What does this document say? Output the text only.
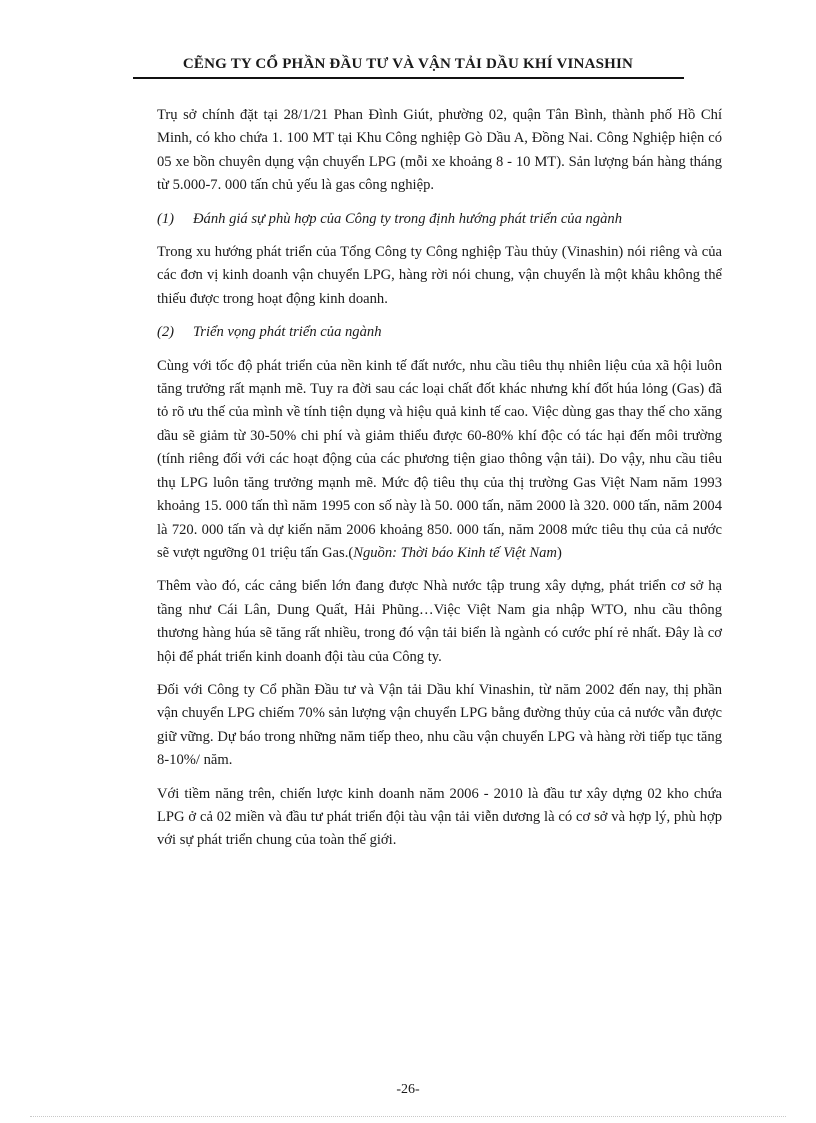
CẼNG TY CỔ PHẦN ĐẦU TƯ VÀ VẬN TẢI DẦU KHÍ VINASHIN

Trụ sở chính đặt tại 28/1/21 Phan Đình Giút, phường 02, quận Tân Bình, thành phố Hồ Chí Minh, có kho chứa 1. 100 MT tại Khu Công nghiệp Gò Dầu A, Đồng Nai. Công Nghiệp hiện có 05 xe bồn chuyên dụng vận chuyển LPG (mỗi xe khoảng 8 - 10 MT). Sản lượng bán hàng tháng từ 5.000-7. 000 tấn chủ yếu là gas công nghiệp.

(1) Đánh giá sự phù hợp của Công ty trong định hướng phát triển của ngành

Trong xu hướng phát triển của Tổng Công ty Công nghiệp Tàu thủy (Vinashin) nói riêng và của các đơn vị kinh doanh vận chuyển LPG, hàng rời nói chung, vận chuyển là một khâu không thể thiếu được trong hoạt động kinh doanh.

(2) Triển vọng phát triển của ngành

Cùng với tốc độ phát triển của nền kinh tế đất nước, nhu cầu tiêu thụ nhiên liệu của xã hội luôn tăng trưởng rất mạnh mẽ. Tuy ra đời sau các loại chất đốt khác nhưng khí đốt húa lỏng (Gas) đã tỏ rõ ưu thế của mình về tính tiện dụng và hiệu quả kinh tế cao. Việc dùng gas thay thế cho xăng dầu sẽ giảm từ 30-50% chi phí và giảm thiểu được 60-80% khí độc có tác hại đến môi trường (tính riêng đối với các hoạt động của các phương tiện giao thông vận tải). Do vậy, nhu cầu tiêu thụ LPG luôn tăng trưởng mạnh mẽ. Mức độ tiêu thụ của thị trường Gas Việt Nam năm 1993 khoảng 15. 000 tấn thì năm 1995 con số này là 50. 000 tấn, năm 2000 là 320. 000 tấn, năm 2004 là 720. 000 tấn và dự kiến năm 2006 khoảng 850. 000 tấn, năm 2008 mức tiêu thụ của cả nước sẽ vượt ngưỡng 01 triệu tấn Gas.(Nguồn: Thời báo Kinh tế Việt Nam)

Thêm vào đó, các cảng biển lớn đang được Nhà nước tập trung xây dựng, phát triển cơ sở hạ tầng như Cái Lân, Dung Quất, Hải Phũng…Việc Việt Nam gia nhập WTO, nhu cầu thông thương hàng húa sẽ tăng rất nhiều, trong đó vận tải biển là ngành có cước phí rẻ nhất. Đây là cơ hội để phát triển kinh doanh đội tàu của Công ty.

Đối với Công ty Cổ phần Đầu tư và Vận tải Dầu khí Vinashin, từ năm 2002 đến nay, thị phần vận chuyển LPG chiếm 70% sản lượng vận chuyển LPG bằng đường thủy của cả nước vẫn được giữ vững. Dự báo trong những năm tiếp theo, nhu cầu vận chuyển LPG và hàng rời tiếp tục tăng 8-10%/ năm.

Với tiềm năng trên, chiến lược kinh doanh năm 2006 - 2010 là đầu tư xây dựng 02 kho chứa LPG ở cả 02 miền và đầu tư phát triển đội tàu vận tải viễn dương là có cơ sở và hợp lý, phù hợp với sự phát triển chung của toàn thế giới.

-26-
